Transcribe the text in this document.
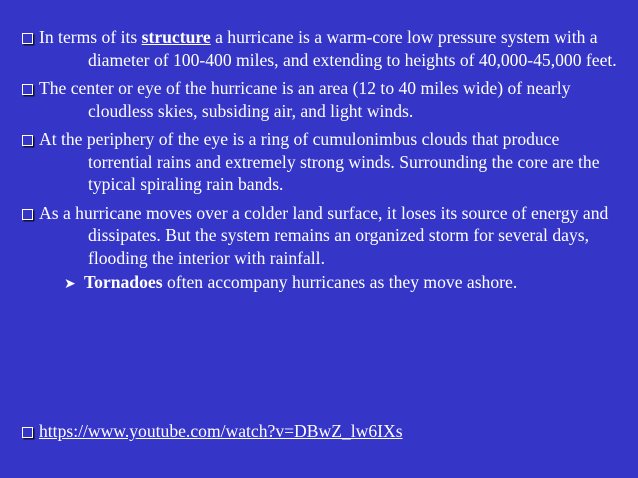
In terms of its structure a hurricane is a warm-core low pressure system with a diameter of 100-400 miles, and extending to heights of 40,000-45,000 feet.

The center or eye of the hurricane is an area (12 to 40 miles wide) of nearly cloudless skies, subsiding air, and light winds.

At the periphery of the eye is a ring of cumulonimbus clouds that produce torrential rains and extremely strong winds. Surrounding the core are the typical spiraling rain bands.

As a hurricane moves over a colder land surface, it loses its source of energy and dissipates. But the system remains an organized storm for several days, flooding the interior with rainfall.

➤ Tornadoes often accompany hurricanes as they move ashore.

https://www.youtube.com/watch?v=DBwZ_lw6IXs
